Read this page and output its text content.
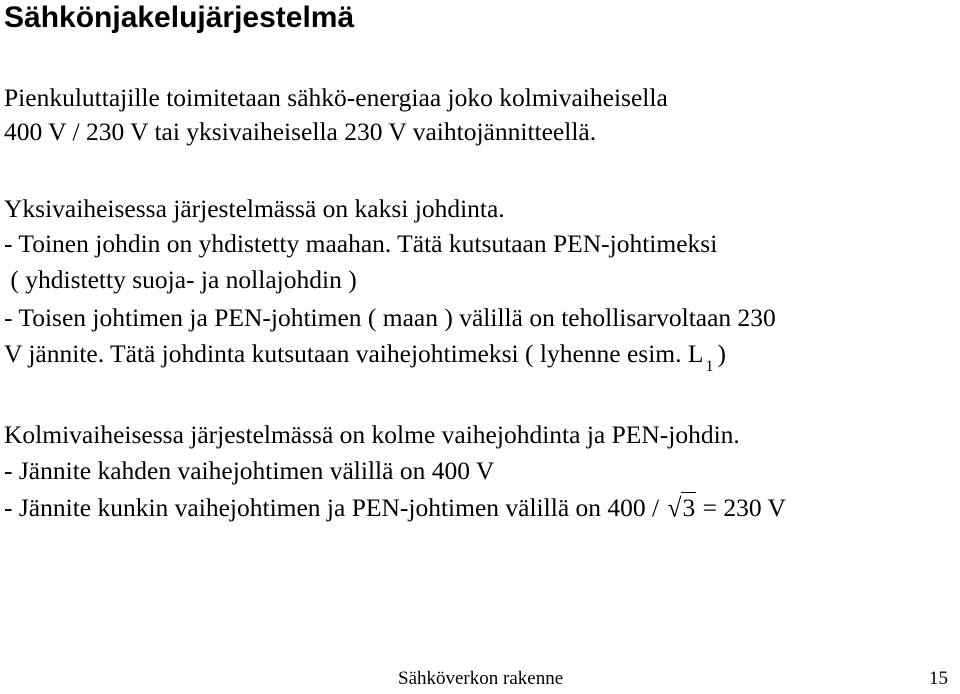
Sähkönjakelujärjestelmä
Pienkuluttajille toimitetaan sähkö-energiaa joko kolmivaiheisella
400 V / 230 V tai yksivaiheisella 230 V vaihtojännitteellä.
Yksivaiheisessa järjestelmässä on kaksi johdinta.
- Toinen johdin on yhdistetty maahan. Tätä kutsutaan PEN-johtimeksi
( yhdistetty suoja- ja nollajohdin )
- Toisen johtimen ja PEN-johtimen ( maan ) välillä on tehollisarvoltaan 230
V jännite. Tätä johdinta kutsutaan vaihejohtimeksi ( lyhenne esim. L $_1$ )
Kolmivaiheisessa järjestelmässä on kolme vaihejohdinta ja PEN-johdin.
- Jännite kahden vaihejohtimen välillä on 400 V
- Jännite kunkin vaihejohtimen ja PEN-johtimen välillä on 400 / √3 = 230 V
Sähköverkon rakenne	15
